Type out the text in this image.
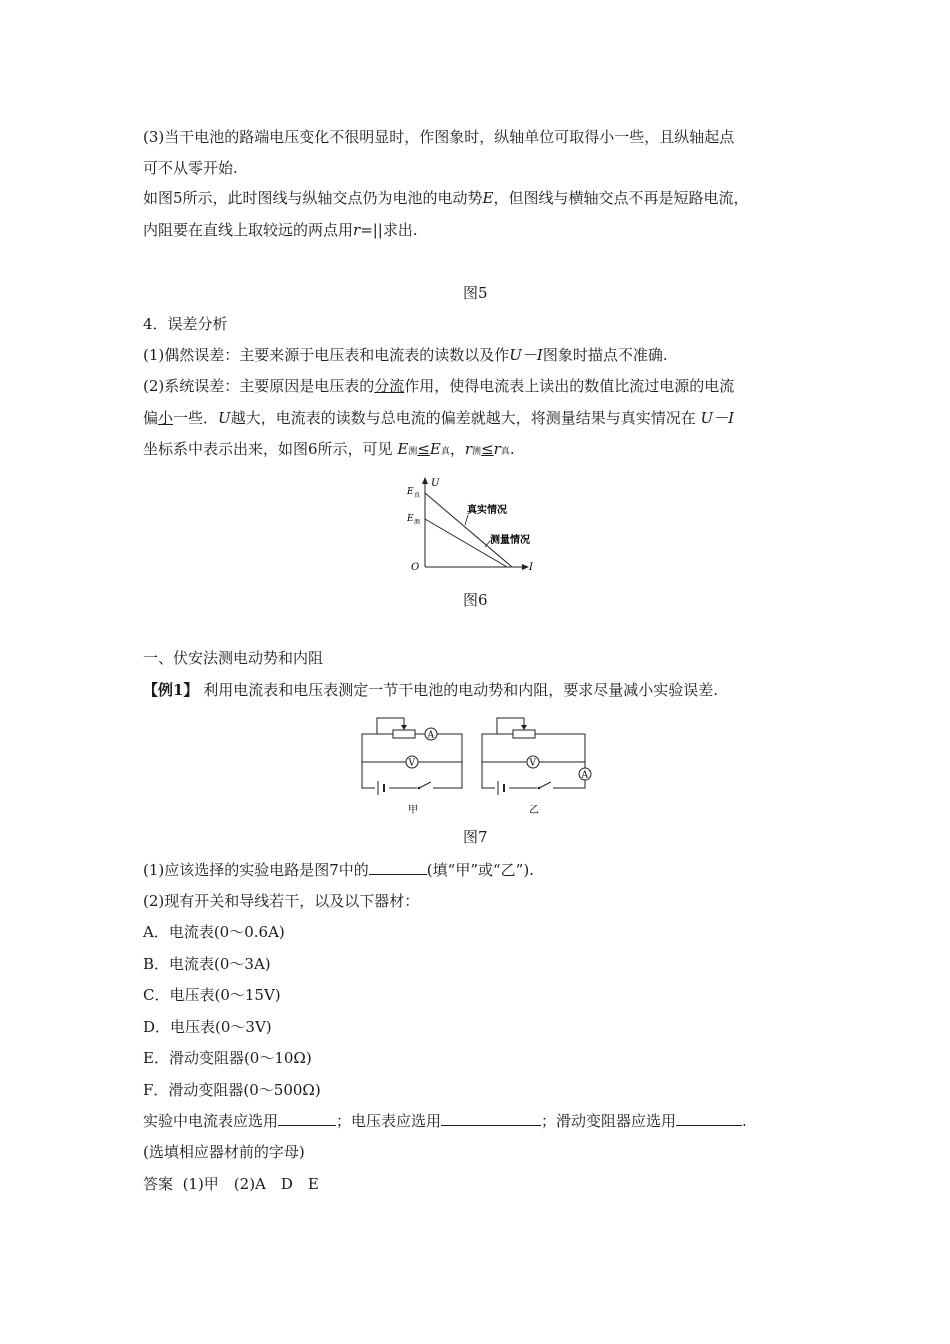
(3)当干电池的路端电压变化不很明显时，作图象时，纵轴单位可取得小一些，且纵轴起点
可不从零开始.
如图5所示，此时图线与纵轴交点仍为电池的电动势E，但图线与横轴交点不再是短路电流，
内阻要在直线上取较远的两点用r=||求出.
图5
4．误差分析
(1)偶然误差：主要来源于电压表和电流表的读数以及作U－I图象时描点不准确.
(2)系统误差：主要原因是电压表的分流作用，使得电流表上读出的数值比流过电源的电流
偏小一些．U越大，电流表的读数与总电流的偏差就越大，将测量结果与真实情况在 U－I
坐标系中表示出来，如图6所示，可见 E测≤E真，r测≤r真.
U
I
O
E 真
E 测
真实情况
测量情况
图6
一、伏安法测电动势和内阻
【例1】 利用电流表和电压表测定一节干电池的电动势和内阻，要求尽量减小实验误差.
A
V
甲
V
A
乙
图7
(1)应该选择的实验电路是图7中的	(填“甲”或“乙”).
(2)现有开关和导线若干，以及以下器材：
A．电流表(0～0.6A)
B．电流表(0～3A)
C．电压表(0～15V)
D．电压表(0～3V)
E．滑动变阻器(0～10Ω)
F．滑动变阻器(0～500Ω)
实验中电流表应选用	；电压表应选用	；滑动变阻器应选用	.
(选填相应器材前的字母)
答案 (1)甲　(2)A　D　E
